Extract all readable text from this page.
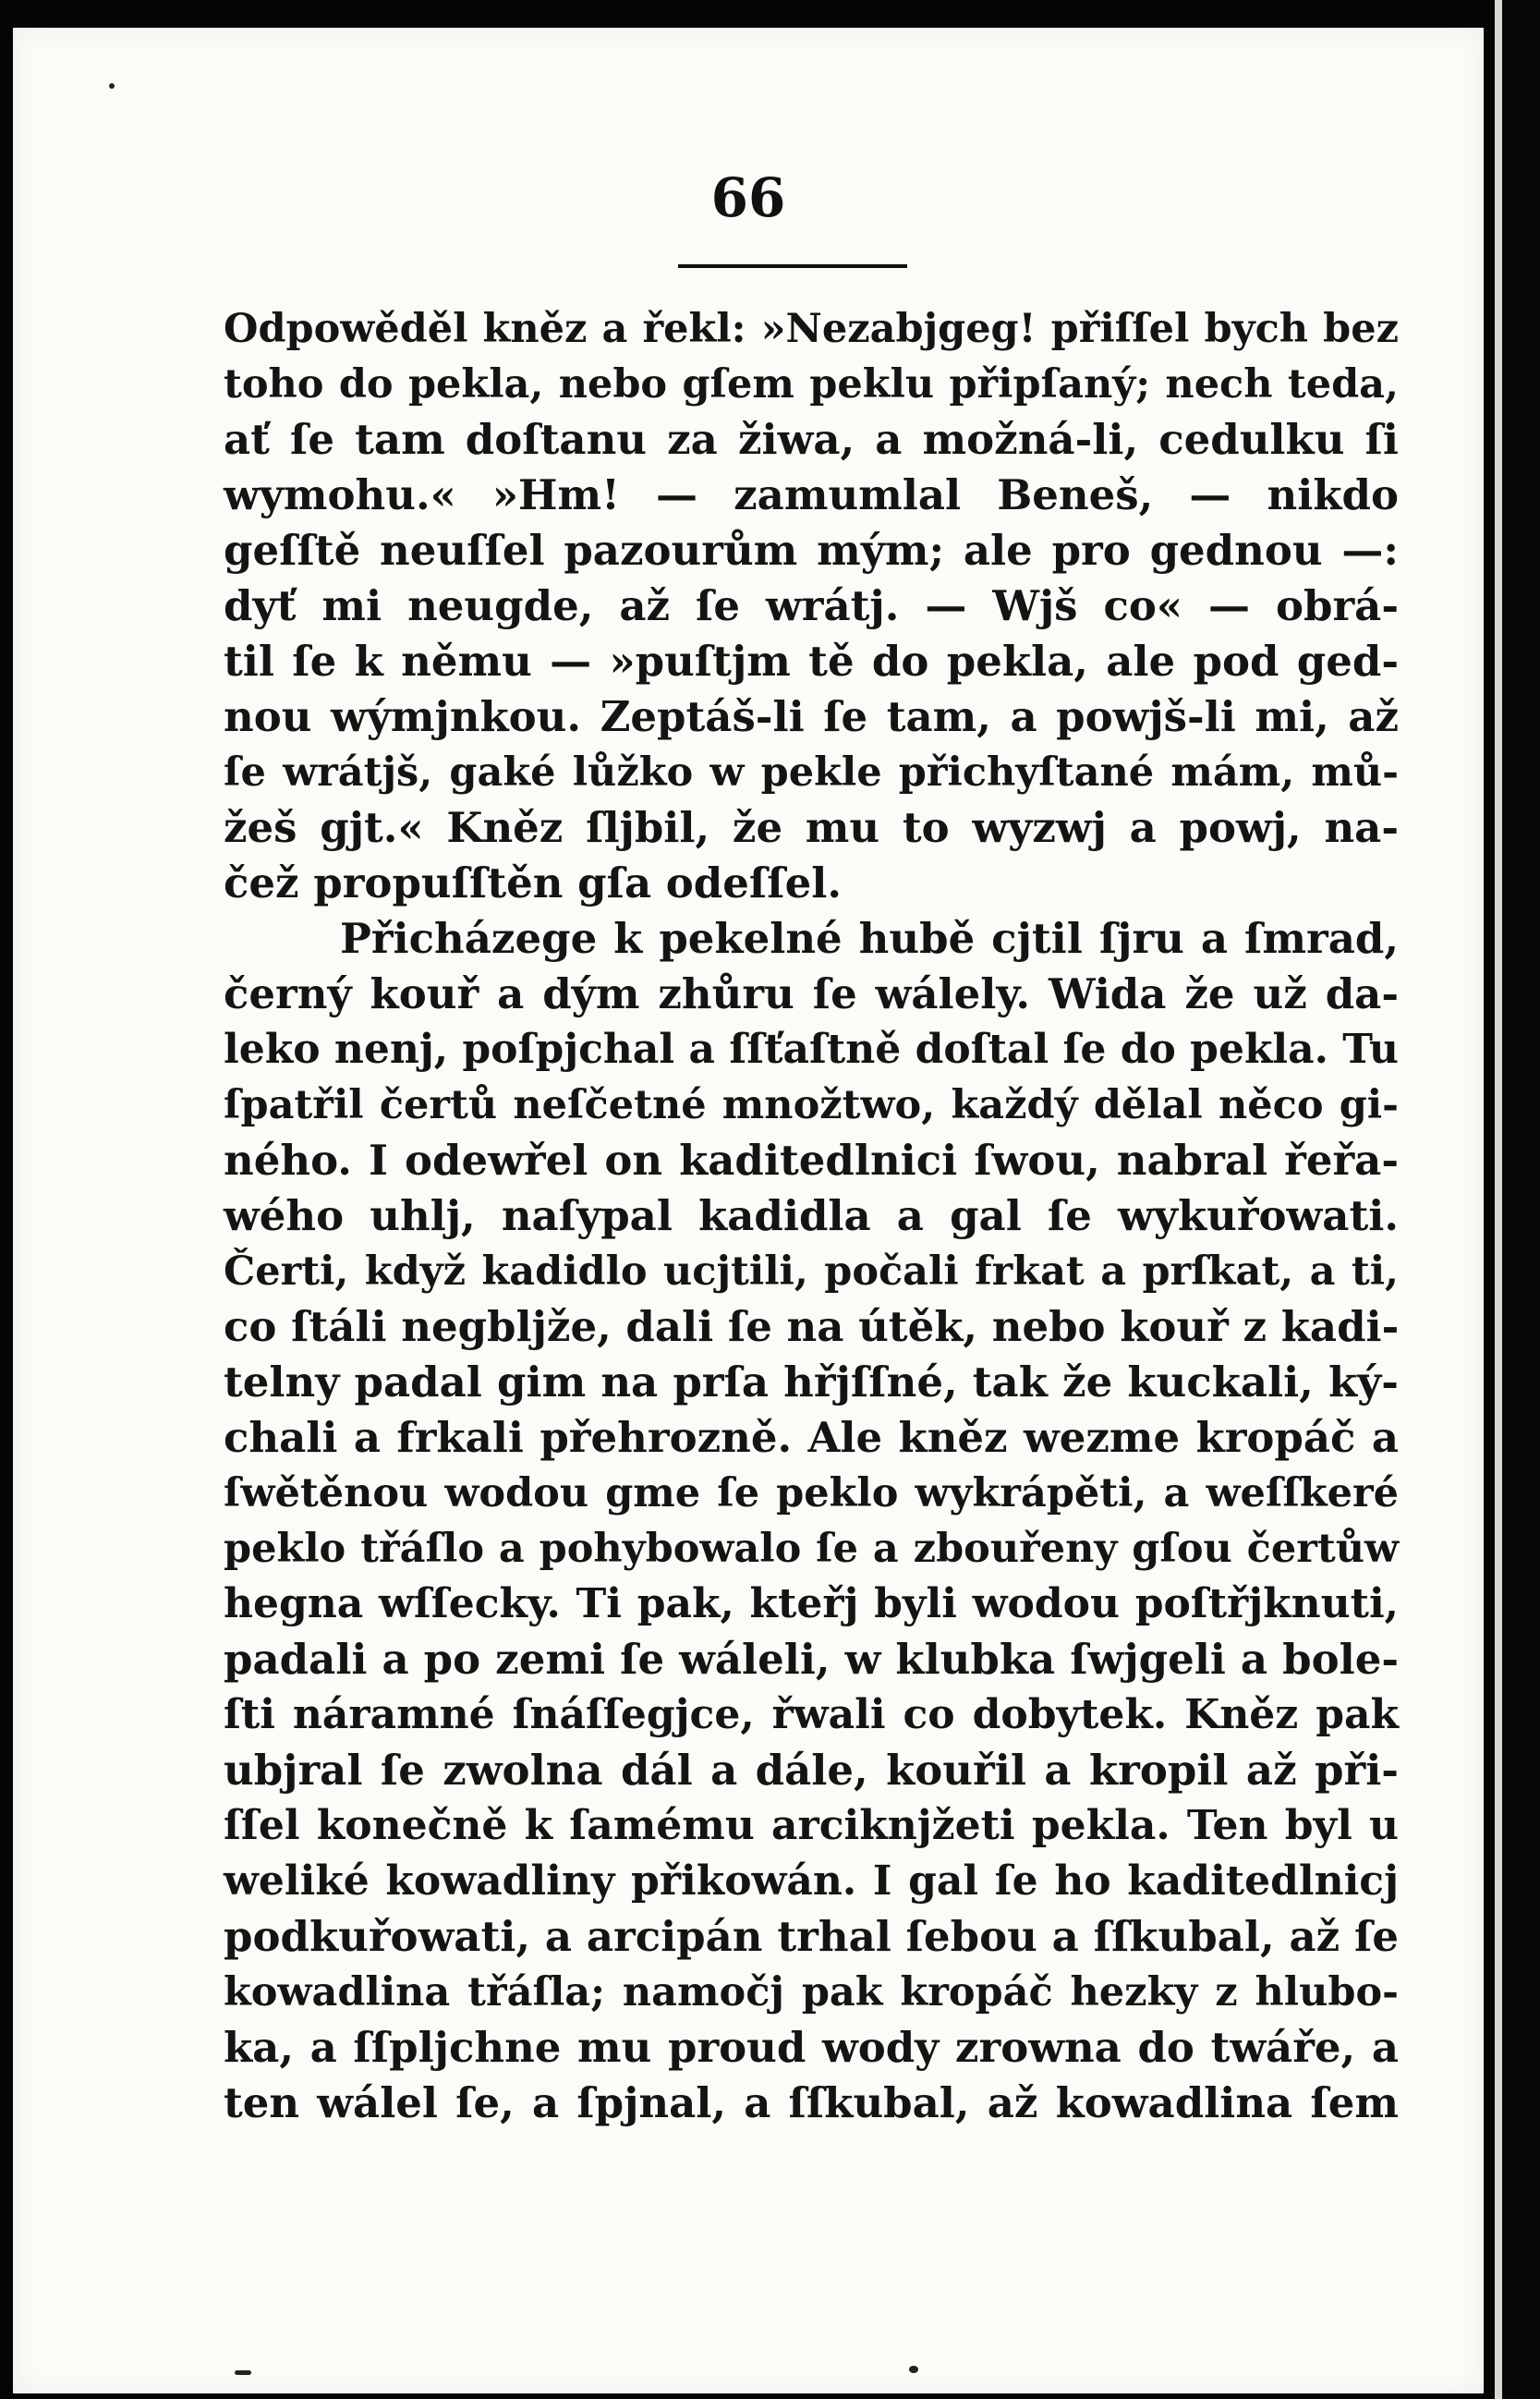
66
Odpowěděl kněz a řekl: »Nezabjgeg! přiſſel bych bez
toho do pekla, nebo gſem peklu připſaný; nech teda,
ať ſe tam doſtanu za žiwa, a možná-li, cedulku ſi
wymohu.« »Hm! — zamumlal Beneš, — nikdo
geſſtě neuſſel pazourům mým; ale pro gednou —:
dyť mi neugde, až ſe wrátj. — Wjš co« — obrá-
til ſe k němu — »puſtjm tě do pekla, ale pod ged-
nou wýmjnkou. Zeptáš-li ſe tam, a powjš-li mi, až
ſe wrátjš, gaké lůžko w pekle přichyſtané mám, mů-
žeš gjt.« Kněz ſljbil, že mu to wyzwj a powj, na-
čež propuſſtěn gſa odeſſel.
Přicházege k pekelné hubě cjtil ſjru a ſmrad,
černý kouř a dým zhůru ſe wálely. Wida že už da-
leko nenj, poſpjchal a ſſťaſtně doſtal ſe do pekla. Tu
ſpatřil čertů neſčetné množtwo, každý dělal něco gi-
ného. I odewřel on kaditedlnici ſwou, nabral řeřa-
wého uhlj, naſypal kadidla a gal ſe wykuřowati.
Čerti, když kadidlo ucjtili, počali frkat a prſkat, a ti,
co ſtáli negbljže, dali ſe na útěk, nebo kouř z kadi-
telny padal gim na prſa hřjſſné, tak že kuckali, ký-
chali a frkali přehrozně. Ale kněz wezme kropáč a
ſwětěnou wodou gme ſe peklo wykrápěti, a weſſkeré
peklo třáſlo a pohybowalo ſe a zbouřeny gſou čertůw
hegna wſſecky. Ti pak, kteřj byli wodou poſtřjknuti,
padali a po zemi ſe wáleli, w klubka ſwjgeli a bole-
ſti náramné ſnáſſegjce, řwali co dobytek. Kněz pak
ubjral ſe zwolna dál a dále, kouřil a kropil až při-
ſſel konečně k ſamému arciknjžeti pekla. Ten byl u
weliké kowadliny přikowán. I gal ſe ho kaditedlnicj
podkuřowati, a arcipán trhal ſebou a ſſkubal, až ſe
kowadlina třáſla; namočj pak kropáč hezky z hlubo-
ka, a ſſpljchne mu proud wody zrowna do twáře, a
ten wálel ſe, a ſpjnal, a ſſkubal, až kowadlina ſem
